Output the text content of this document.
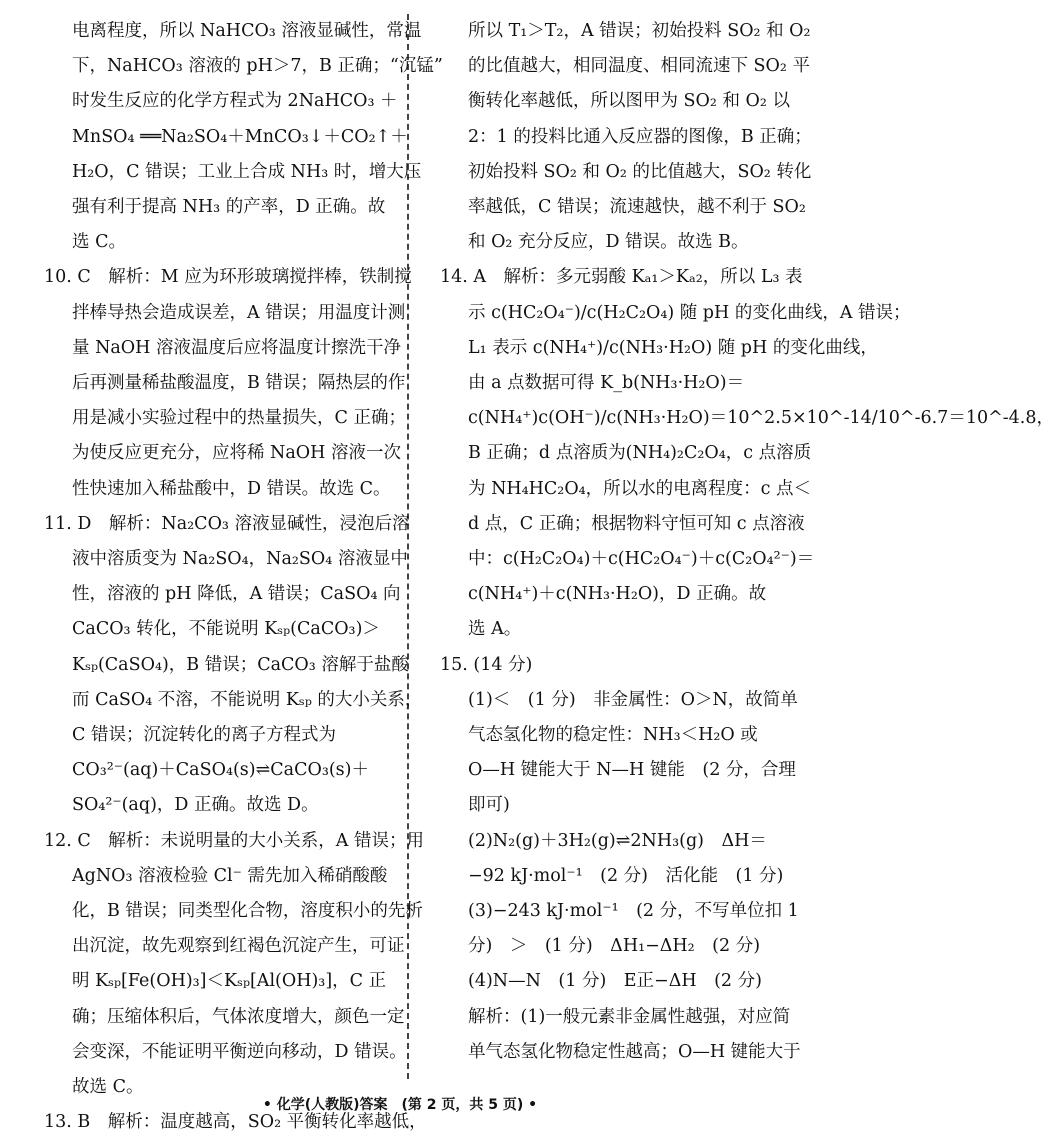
电离程度，所以 NaHCO₃ 溶液显碱性，常温
下，NaHCO₃ 溶液的 pH＞7，B 正确；“沉锰”
时发生反应的化学方程式为 2NaHCO₃ ＋
MnSO₄ ══Na₂SO₄＋MnCO₃↓＋CO₂↑＋
H₂O，C 错误；工业上合成 NH₃ 时，增大压
强有利于提高 NH₃ 的产率，D 正确。故
选 C。
10. C　解析：M 应为环形玻璃搅拌棒，铁制搅
拌棒导热会造成误差，A 错误；用温度计测
量 NaOH 溶液温度后应将温度计擦洗干净
后再测量稀盐酸温度，B 错误；隔热层的作
用是减小实验过程中的热量损失，C 正确；
为使反应更充分，应将稀 NaOH 溶液一次
性快速加入稀盐酸中，D 错误。故选 C。
11. D　解析：Na₂CO₃ 溶液显碱性，浸泡后溶
液中溶质变为 Na₂SO₄，Na₂SO₄ 溶液显中
性，溶液的 pH 降低，A 错误；CaSO₄ 向
CaCO₃ 转化，不能说明 Kₛₚ(CaCO₃)＞
Kₛₚ(CaSO₄)，B 错误；CaCO₃ 溶解于盐酸
而 CaSO₄ 不溶，不能说明 Kₛₚ 的大小关系，
C 错误；沉淀转化的离子方程式为
CO₃²⁻(aq)＋CaSO₄(s)⇌CaCO₃(s)＋
SO₄²⁻(aq)，D 正确。故选 D。
12. C　解析：未说明量的大小关系，A 错误；用
AgNO₃ 溶液检验 Cl⁻ 需先加入稀硝酸酸
化，B 错误；同类型化合物，溶度积小的先析
出沉淀，故先观察到红褐色沉淀产生，可证
明 Kₛₚ[Fe(OH)₃]＜Kₛₚ[Al(OH)₃]，C 正
确；压缩体积后，气体浓度增大，颜色一定
会变深，不能证明平衡逆向移动，D 错误。
故选 C。
13. B　解析：温度越高，SO₂ 平衡转化率越低，
所以 T₁＞T₂，A 错误；初始投料 SO₂ 和 O₂
的比值越大，相同温度、相同流速下 SO₂ 平
衡转化率越低，所以图甲为 SO₂ 和 O₂ 以
2：1 的投料比通入反应器的图像，B 正确；
初始投料 SO₂ 和 O₂ 的比值越大，SO₂ 转化
率越低，C 错误；流速越快，越不利于 SO₂
和 O₂ 充分反应，D 错误。故选 B。
14. A　解析：多元弱酸 Kₐ₁＞Kₐ₂，所以 L₃ 表
示 c(HC₂O₄⁻)/c(H₂C₂O₄) 随 pH 的变化曲线，A 错误；
L₁ 表示 c(NH₄⁺)/c(NH₃·H₂O) 随 pH 的变化曲线，
由 a 点数据可得 K_b(NH₃·H₂O)＝
c(NH₄⁺)c(OH⁻)/c(NH₃·H₂O)＝10^2.5×10^-14/10^-6.7＝10^-4.8，
B 正确；d 点溶质为(NH₄)₂C₂O₄，c 点溶质
为 NH₄HC₂O₄，所以水的电离程度：c 点＜
d 点，C 正确；根据物料守恒可知 c 点溶液
中：c(H₂C₂O₄)＋c(HC₂O₄⁻)＋c(C₂O₄²⁻)＝
c(NH₄⁺)＋c(NH₃·H₂O)，D 正确。故
选 A。
15. (14 分)
(1)＜　(1 分)　非金属性：O＞N，故简单
气态氢化物的稳定性：NH₃＜H₂O 或
O—H 键能大于 N—H 键能　(2 分，合理
即可)
(2)N₂(g)＋3H₂(g)⇌2NH₃(g)　ΔH＝
−92 kJ·mol⁻¹　(2 分)　活化能　(1 分)
(3)−243 kJ·mol⁻¹　(2 分，不写单位扣 1
分)　＞　(1 分)　ΔH₁−ΔH₂　(2 分)
(4)N—N　(1 分)　E正−ΔH　(2 分)
解析：(1)一般元素非金属性越强，对应简
单气态氢化物稳定性越高；O—H 键能大于
• 化学(人教版)答案　(第 2 页，共 5 页) •
